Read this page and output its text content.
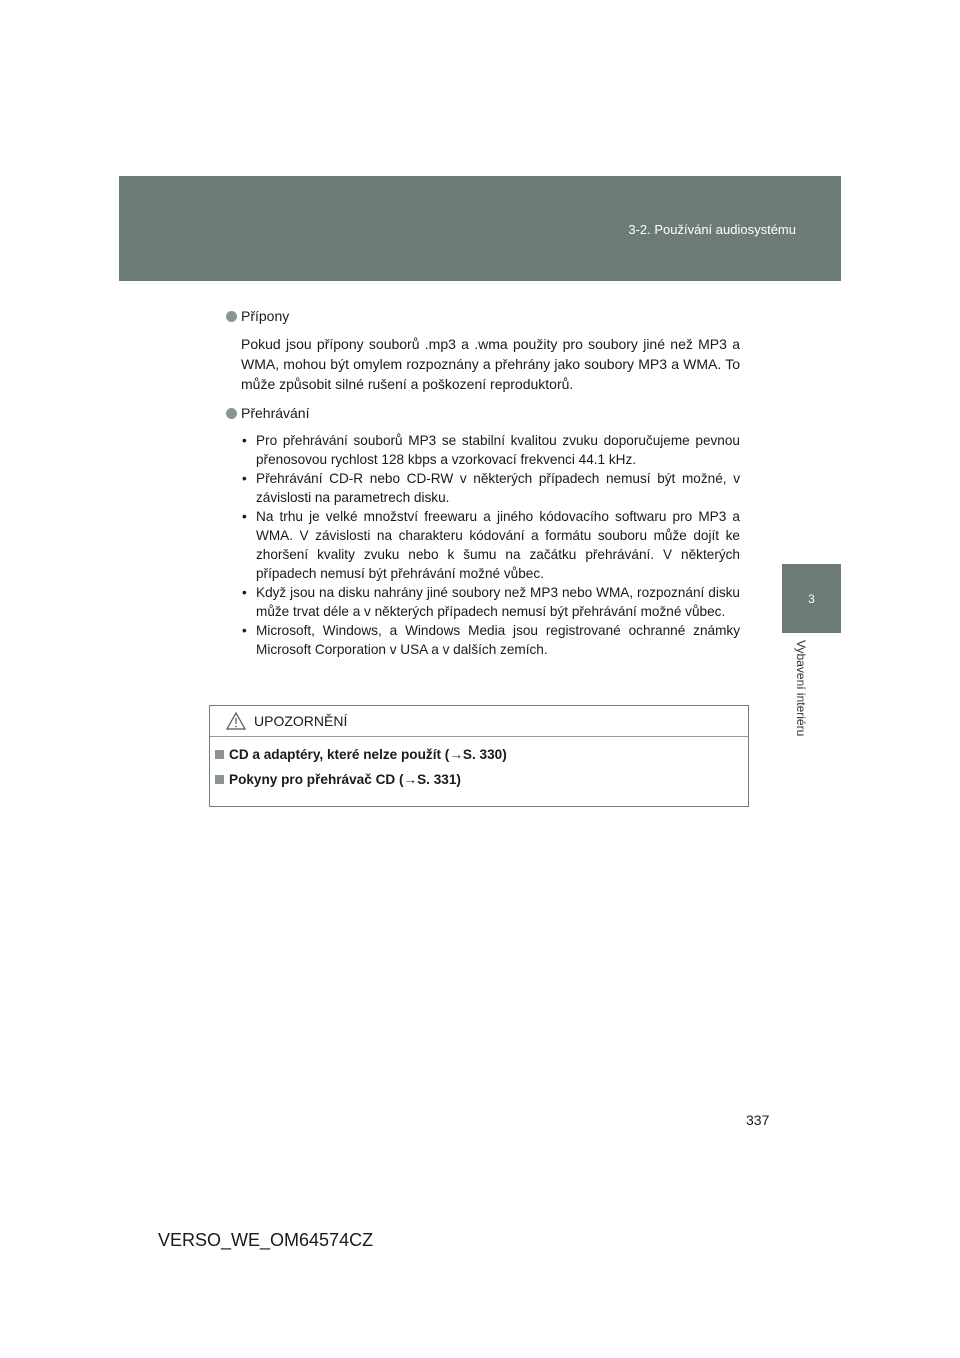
3-2. Používání audiosystému
3
Vybavení interiéru
Přípony

Pokud jsou přípony souborů .mp3 a .wma použity pro soubory jiné než MP3 a WMA, mohou být omylem rozpoznány a přehrány jako soubory MP3 a WMA. To může způsobit silné rušení a poškození reproduktorů.

Přehrávání
• Pro přehrávání souborů MP3 se stabilní kvalitou zvuku doporučujeme pevnou přenosovou rychlost 128 kbps a vzorkovací frekvenci 44.1 kHz.
• Přehrávání CD-R nebo CD-RW v některých případech nemusí být možné, v závislosti na parametrech disku.
• Na trhu je velké množství freewaru a jiného kódovacího softwaru pro MP3 a WMA. V závislosti na charakteru kódování a formátu souboru může dojít ke zhoršení kvality zvuku nebo k šumu na začátku přehrávání. V některých případech nemusí být přehrávání možné vůbec.
• Když jsou na disku nahrány jiné soubory než MP3 nebo WMA, rozpoznání disku může trvat déle a v některých případech nemusí být přehrávání možné vůbec.
• Microsoft, Windows, a Windows Media jsou registrované ochranné známky Microsoft Corporation v USA a v dalších zemích.
UPOZORNĚNÍ
CD a adaptéry, které nelze použít (→S. 330)
Pokyny pro přehrávač CD (→S. 331)
337
VERSO_WE_OM64574CZ
